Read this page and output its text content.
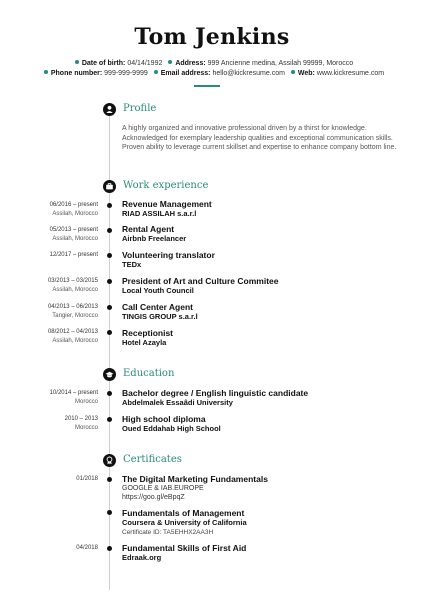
Tom Jenkins
Date of birth: 04/14/1992 Address: 999 Ancienne medina, Assilah 99999, Morocco
Phone number: 999-999-9999 Email address: hello@kickresume.com Web: www.kickresume.com
Profile
A highly organized and innovative professional driven by a thirst for knowledge. Acknowledged for exemplary leadership qualities and exceptional communication skills. Proven ability to leverage current skillset and expertise to enhance company bottom line.
Work experience
06/2016 – present
Assilah, Morocco
Revenue Management
RIAD ASSILAH s.a.r.l
05/2013 – present
Assilah, Morocco
Rental Agent
Airbnb Freelancer
12/2017 – present	Volunteering translator
TEDx
03/2013 – 03/2015
Assilah, Morocco
President of Art and Culture Commitee
Local Youth Council
04/2013 – 06/2013
Tangier, Morocco
Call Center Agent
TINGIS GROUP s.a.r.l
08/2012 – 04/2013
Assilah, Morocco
Receptionist
Hotel Azayla
Education
10/2014 – present
Morocco
Bachelor degree / English linguistic candidate
Abdelmalek Essaâdi University
2010 – 2013
Morocco
High school diploma
Oued Eddahab High School
Certificates
01/2018	The Digital Marketing Fundamentals
GOOGLE & IAB.EUROPE
https://goo.gl/eBpqZ
Fundamentals of Management
Coursera & University of California
Certificate ID: TA5EHHX2AA3H
04/2018	Fundamental Skills of First Aid
Edraak.org
